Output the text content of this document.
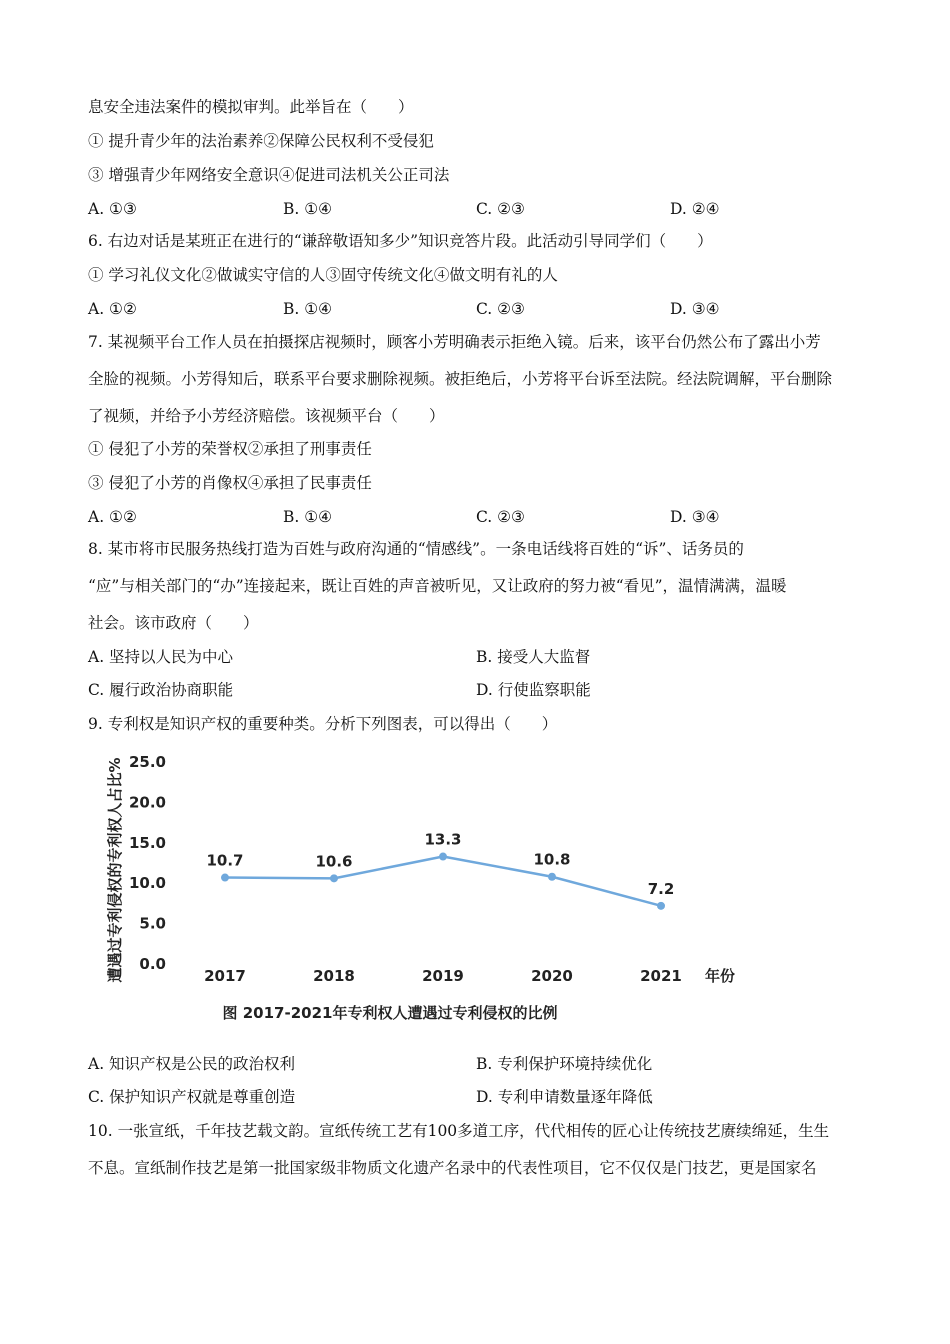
息安全违法案件的模拟审判。此举旨在（　　）
① 提升青少年的法治素养②保障公民权利不受侵犯
③ 增强青少年网络安全意识④促进司法机关公正司法
A. ①③	B. ①④	C. ②③	D. ②④
6. 右边对话是某班正在进行的“谦辞敬语知多少”知识竞答片段。此活动引导同学们（　　）
① 学习礼仪文化②做诚实守信的人③固守传统文化④做文明有礼的人
A. ①②	B. ①④	C. ②③	D. ③④
7. 某视频平台工作人员在拍摄探店视频时，顾客小芳明确表示拒绝入镜。后来，该平台仍然公布了露出小芳
全脸的视频。小芳得知后，联系平台要求删除视频。被拒绝后，小芳将平台诉至法院。经法院调解，平台删除
了视频，并给予小芳经济赔偿。该视频平台（　　）
① 侵犯了小芳的荣誉权②承担了刑事责任
③ 侵犯了小芳的肖像权④承担了民事责任
A. ①②	B. ①④	C. ②③	D. ③④
8. 某市将市民服务热线打造为百姓与政府沟通的“情感线”。一条电话线将百姓的“诉”、话务员的
“应”与相关部门的“办”连接起来，既让百姓的声音被听见，又让政府的努力被“看见”，温情满满，温暖
社会。该市政府（　　）
A. 坚持以人民为中心	B. 接受人大监督
C. 履行政治协商职能	D. 行使监察职能
9. 专利权是知识产权的重要种类。分析下列图表，可以得出（　　）
A. 知识产权是公民的政治权利	B. 专利保护环境持续优化
C. 保护知识产权就是尊重创造	D. 专利申请数量逐年降低
10. 一张宣纸，千年技艺载文韵。宣纸传统工艺有100多道工序，代代相传的匠心让传统技艺赓续绵延，生生
不息。宣纸制作技艺是第一批国家级非物质文化遗产名录中的代表性项目，它不仅仅是门技艺，更是国家名
0.0
5.0
10.0
15.0
20.0
25.0
2017	2018	2019	2020	2021
10.7	10.6
13.3
10.8
7.2
遭遇过专利侵权的专利权人占比%	年份
图 2017-2021年专利权人遭遇过专利侵权的比例
